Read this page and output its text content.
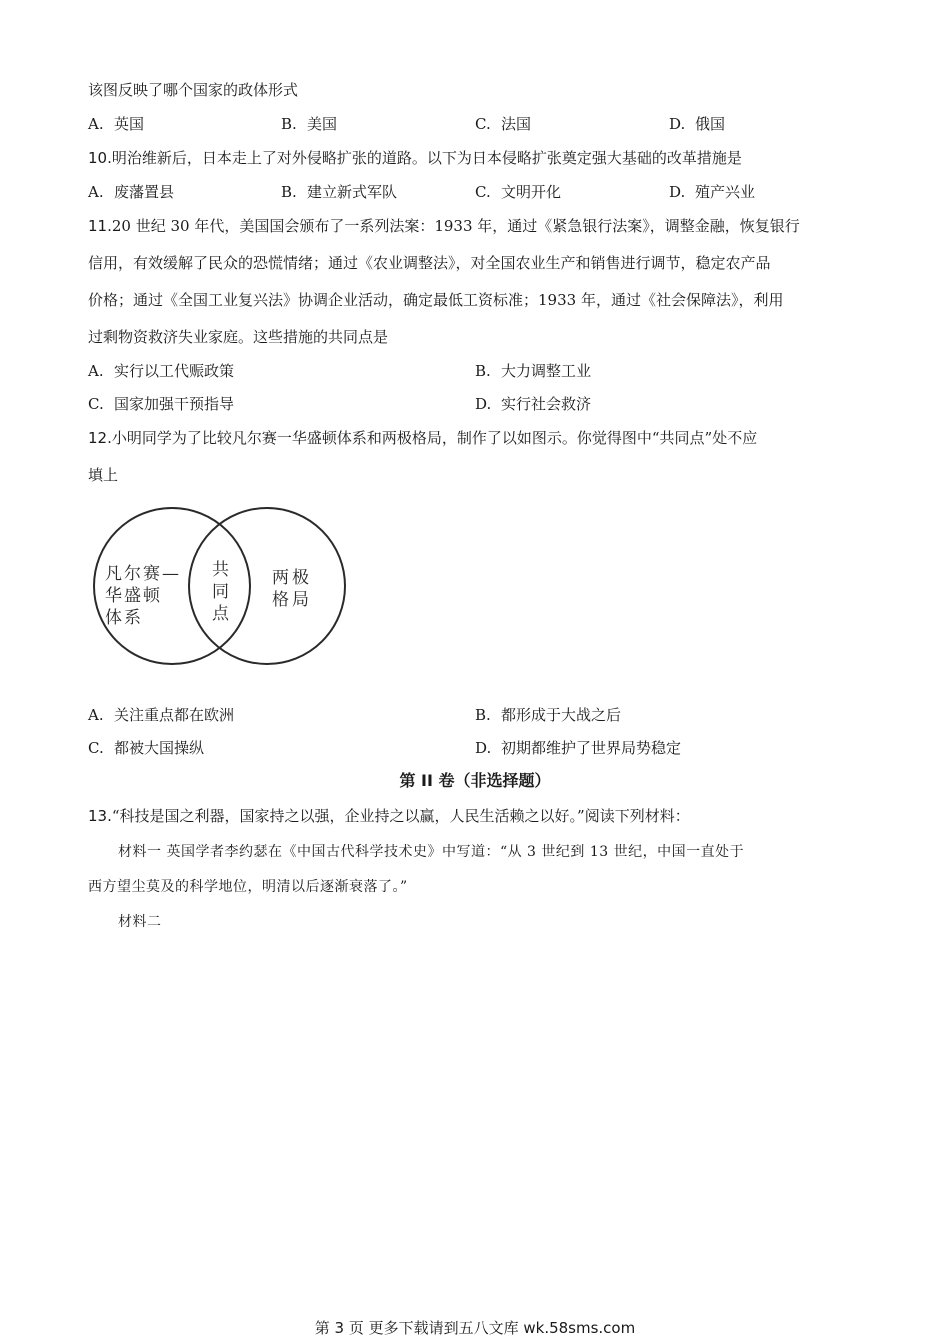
该图反映了哪个国家的政体形式
A. 英国	B. 美国	C. 法国	D. 俄国
10.明治维新后，日本走上了对外侵略扩张的道路。以下为日本侵略扩张奠定强大基础的改革措施是
A. 废藩置县	B. 建立新式军队	C. 文明开化	D. 殖产兴业
11.20 世纪 30 年代，美国国会颁布了一系列法案：1933 年，通过《紧急银行法案》，调整金融，恢复银行
信用，有效缓解了民众的恐慌情绪；通过《农业调整法》，对全国农业生产和销售进行调节，稳定农产品
价格；通过《全国工业复兴法》协调企业活动，确定最低工资标准；1933 年，通过《社会保障法》，利用
过剩物资救济失业家庭。这些措施的共同点是
A. 实行以工代赈政策	B. 大力调整工业
C. 国家加强干预指导	D. 实行社会救济
12.小明同学为了比较凡尔赛一华盛顿体系和两极格局，制作了以如图示。你觉得图中“共同点”处不应
填上
凡尔赛—
华盛顿
体系
共
同
点
两极
格局
A. 关注重点都在欧洲	B. 都形成于大战之后
C. 都被大国操纵	D. 初期都维护了世界局势稳定
第 II 卷（非选择题）
13.“科技是国之利器，国家持之以强，企业持之以赢，人民生活赖之以好。”阅读下列材料：
材料一 英国学者李约瑟在《中国古代科学技术史》中写道：“从 3 世纪到 13 世纪，中国一直处于
西方望尘莫及的科学地位，明清以后逐渐衰落了。”
材料二
第 3 页 更多下载请到五八文库 wk.58sms.com
